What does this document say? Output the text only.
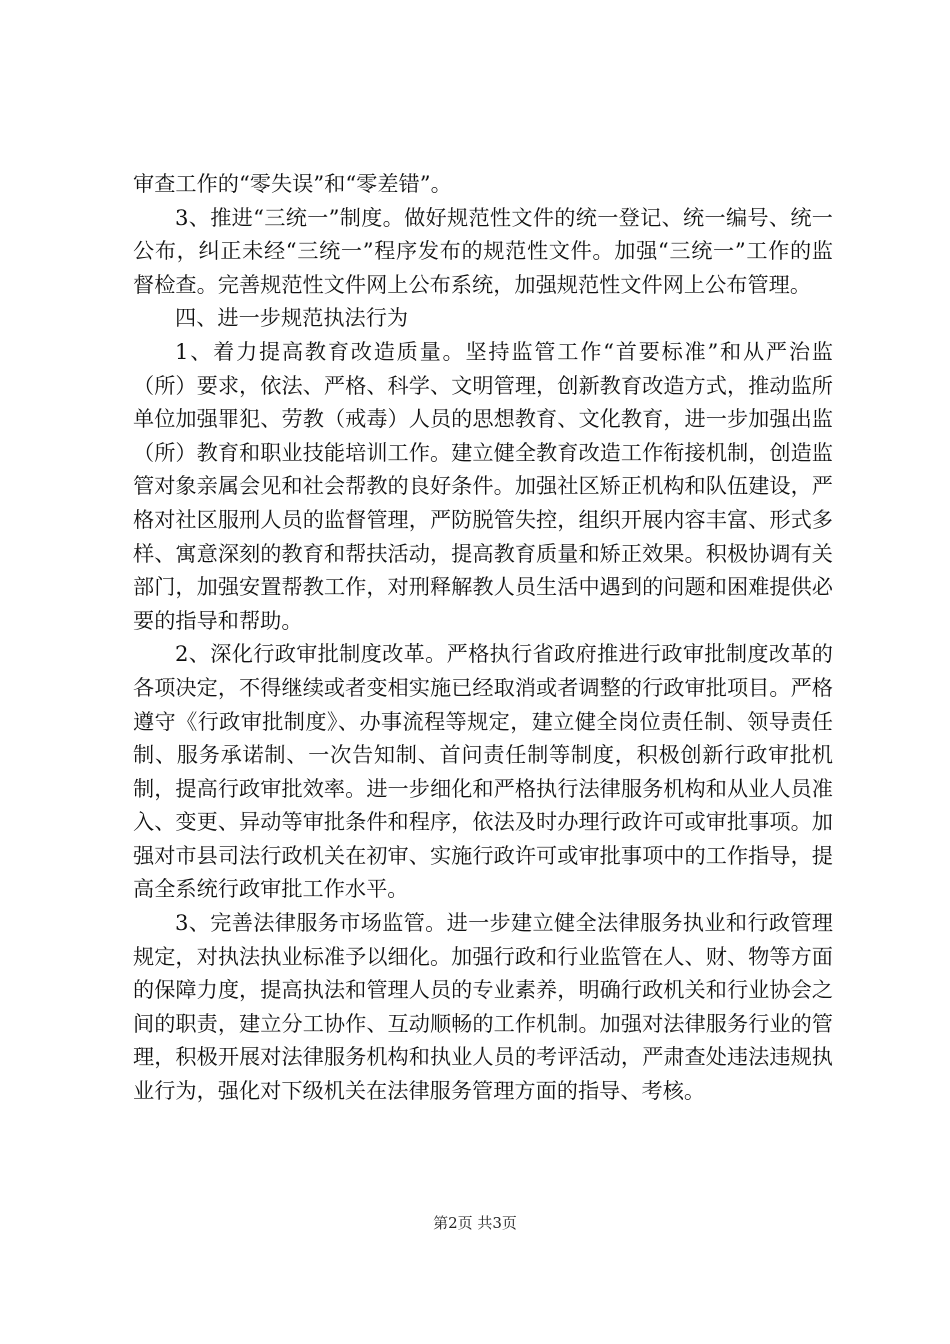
审查工作的“零失误”和“零差错”。

3、推进“三统一”制度。做好规范性文件的统一登记、统一编号、统一公布，纠正未经“三统一”程序发布的规范性文件。加强“三统一”工作的监督检查。完善规范性文件网上公布系统，加强规范性文件网上公布管理。

四、进一步规范执法行为

1、着力提高教育改造质量。坚持监管工作“首要标准”和从严治监（所）要求，依法、严格、科学、文明管理，创新教育改造方式，推动监所单位加强罪犯、劳教（戒毒）人员的思想教育、文化教育，进一步加强出监（所）教育和职业技能培训工作。建立健全教育改造工作衔接机制，创造监管对象亲属会见和社会帮教的良好条件。加强社区矫正机构和队伍建设，严格对社区服刑人员的监督管理，严防脱管失控，组织开展内容丰富、形式多样、寓意深刻的教育和帮扶活动，提高教育质量和矫正效果。积极协调有关部门，加强安置帮教工作，对刑释解教人员生活中遇到的问题和困难提供必要的指导和帮助。

2、深化行政审批制度改革。严格执行省政府推进行政审批制度改革的各项决定，不得继续或者变相实施已经取消或者调整的行政审批项目。严格遵守《行政审批制度》、办事流程等规定，建立健全岗位责任制、领导责任制、服务承诺制、一次告知制、首问责任制等制度，积极创新行政审批机制，提高行政审批效率。进一步细化和严格执行法律服务机构和从业人员准入、变更、异动等审批条件和程序，依法及时办理行政许可或审批事项。加强对市县司法行政机关在初审、实施行政许可或审批事项中的工作指导，提高全系统行政审批工作水平。

3、完善法律服务市场监管。进一步建立健全法律服务执业和行政管理规定，对执法执业标准予以细化。加强行政和行业监管在人、财、物等方面的保障力度，提高执法和管理人员的专业素养，明确行政机关和行业协会之间的职责，建立分工协作、互动顺畅的工作机制。加强对法律服务行业的管理，积极开展对法律服务机构和执业人员的考评活动，严肃查处违法违规执业行为，强化对下级机关在法律服务管理方面的指导、考核。

第2页 共3页
